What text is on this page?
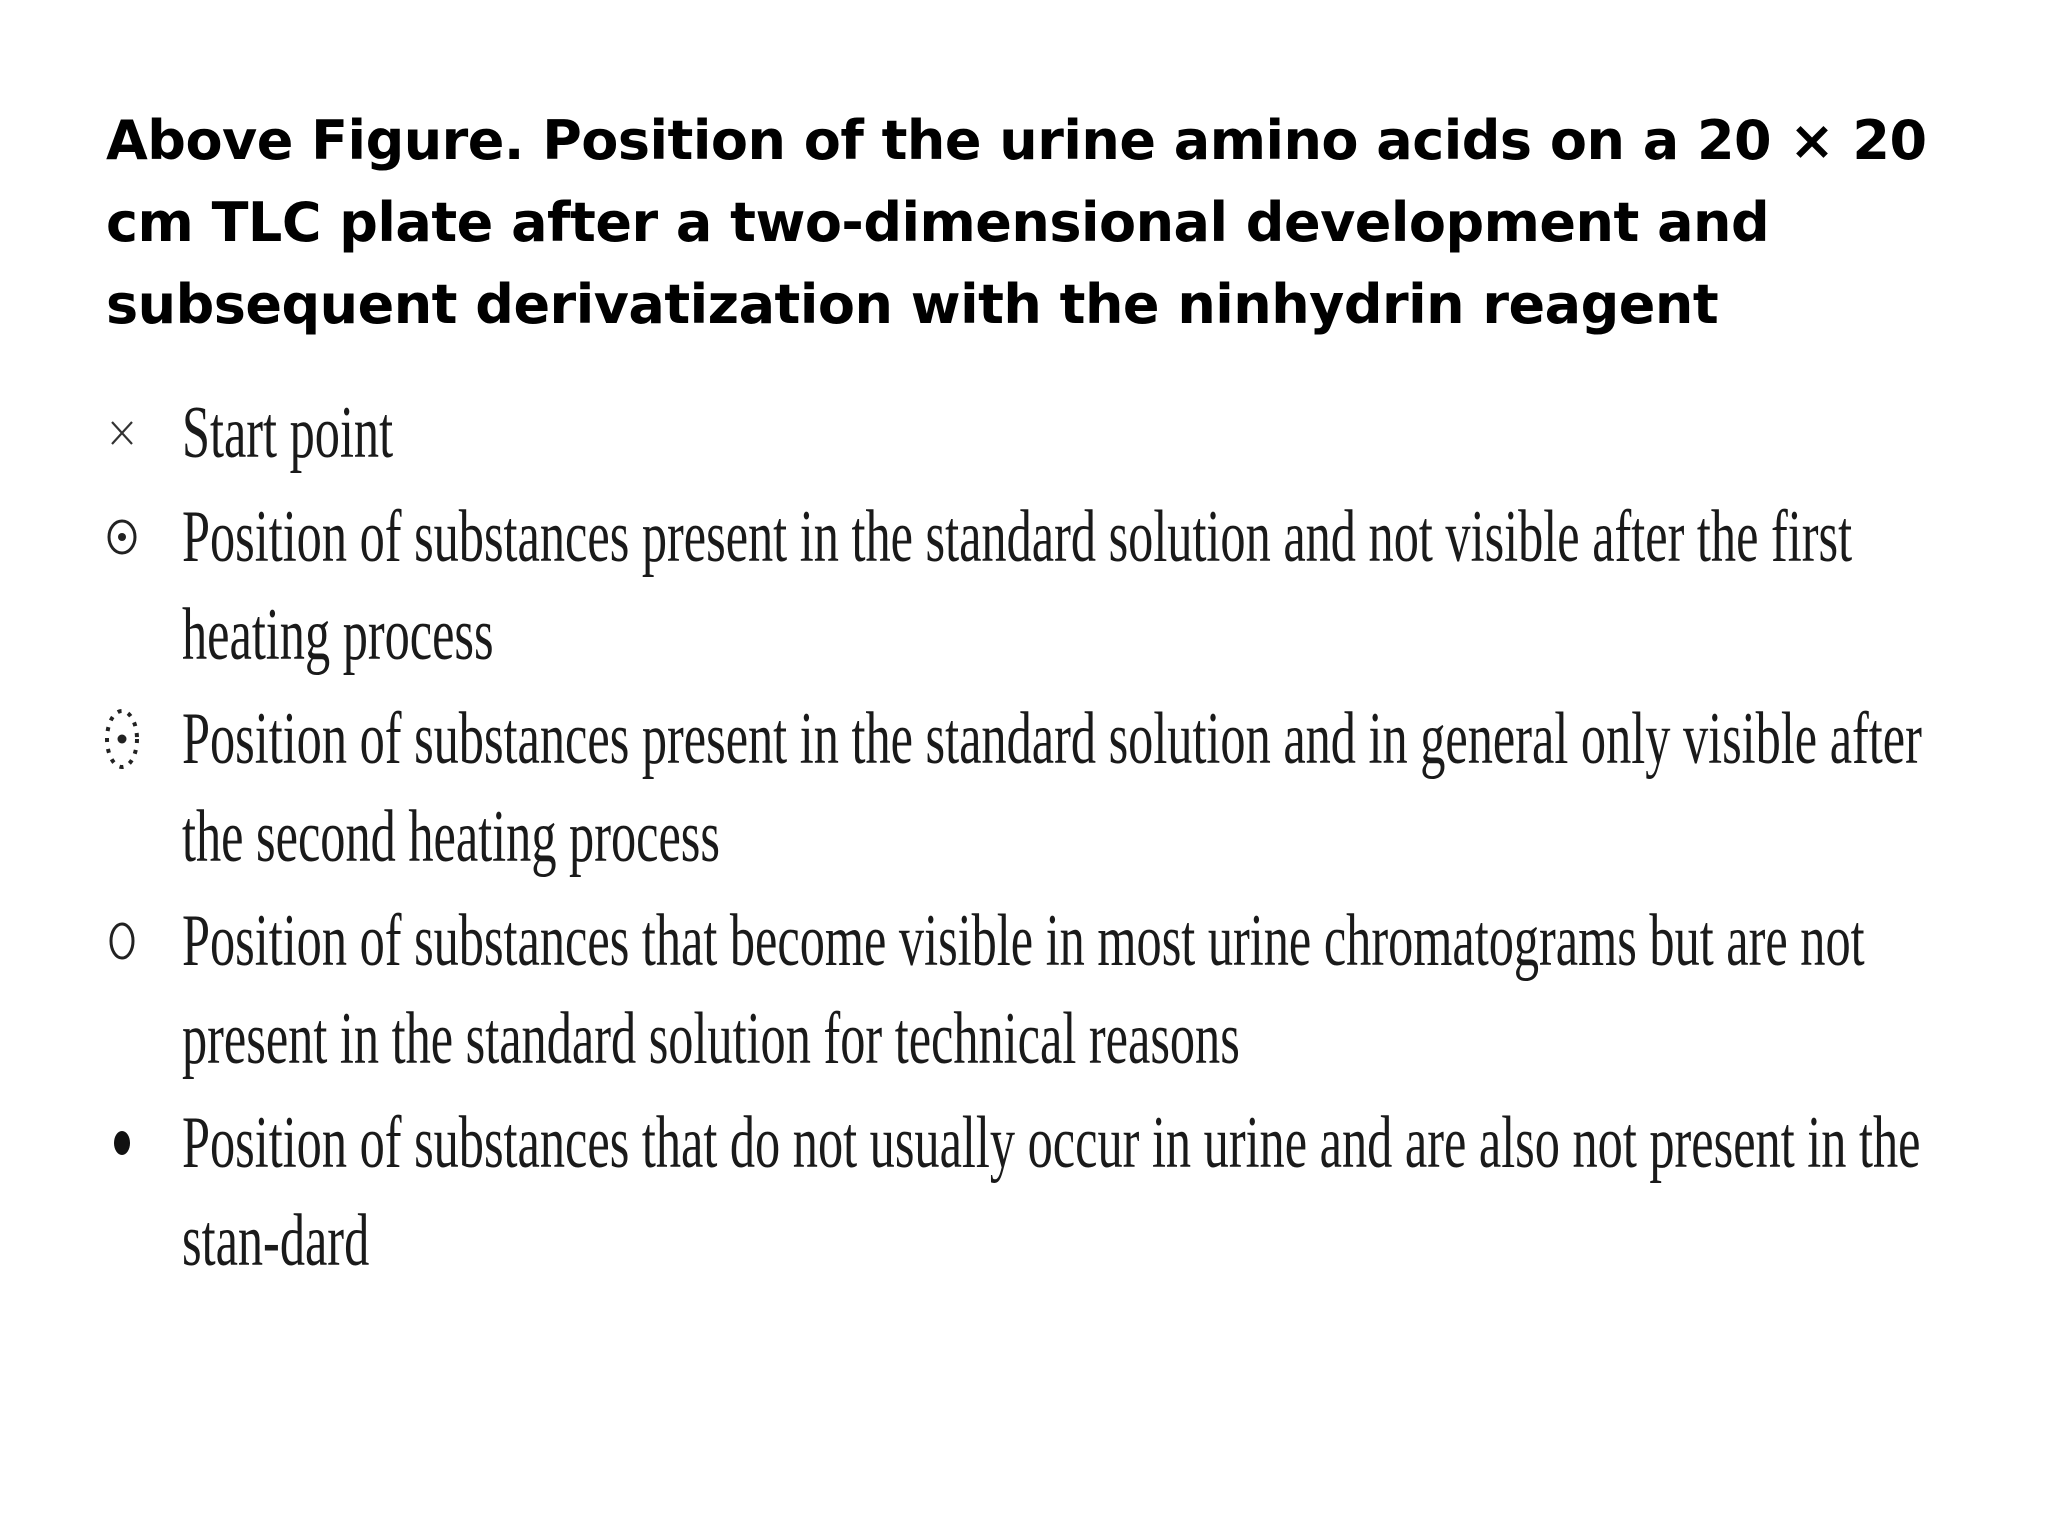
Above Figure. Position of the urine amino acids on a 20 × 20 cm TLC plate after a two-dimensional development and subsequent derivatization with the ninhydrin reagent
Start point
Position of substances present in the standard solution and not visible after the first heating process
Position of substances present in the standard solution and in general only visible after the second heating process
Position of substances that become visible in most urine chromatograms but are not present in the standard solution for technical reasons
Position of substances that do not usually occur in urine and are also not present in the stan-dard
